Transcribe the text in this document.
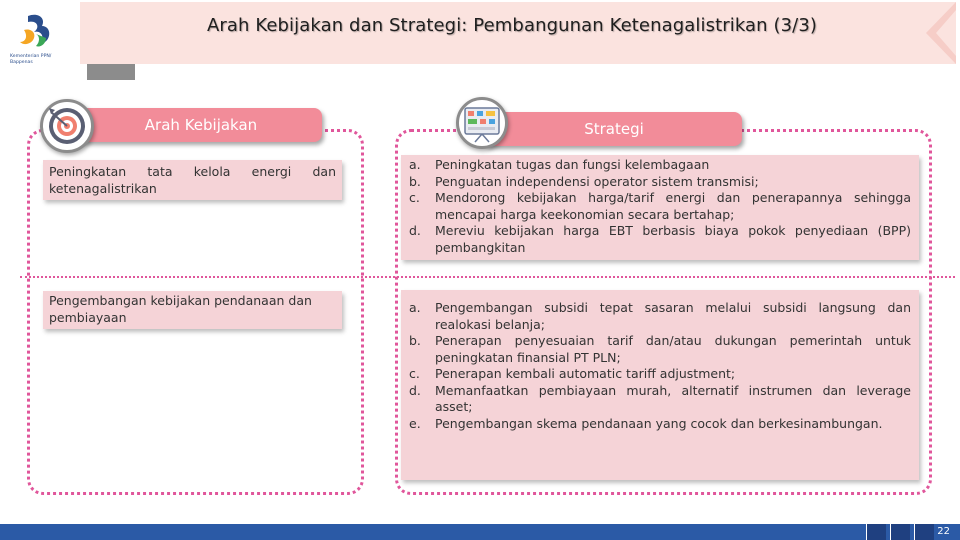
Kementerian PPN/
Bappenas
Arah Kebijakan dan Strategi: Pembangunan Ketenagalistrikan (3/3)
Arah Kebijakan	Strategi
Peningkatan tata kelola energi dan ketenagalistrikan
a.	Peningkatan tugas dan fungsi kelembagaan
b.	Penguatan independensi operator sistem transmisi;
c.	Mendorong kebijakan harga/tarif energi dan penerapannya sehingga mencapai harga keekonomian secara bertahap;
d.	Mereviu kebijakan harga EBT berbasis biaya pokok penyediaan (BPP) pembangkitan
Pengembangan kebijakan pendanaan dan pembiayaan
a.	Pengembangan subsidi tepat sasaran melalui subsidi langsung dan realokasi belanja;
b.	Penerapan penyesuaian tarif dan/atau dukungan pemerintah untuk peningkatan finansial PT PLN;
c.	Penerapan kembali automatic tariff adjustment;
d.	Memanfaatkan pembiayaan murah, alternatif instrumen dan leverage asset;
e.	Pengembangan skema pendanaan yang cocok dan berkesinambungan.
22
